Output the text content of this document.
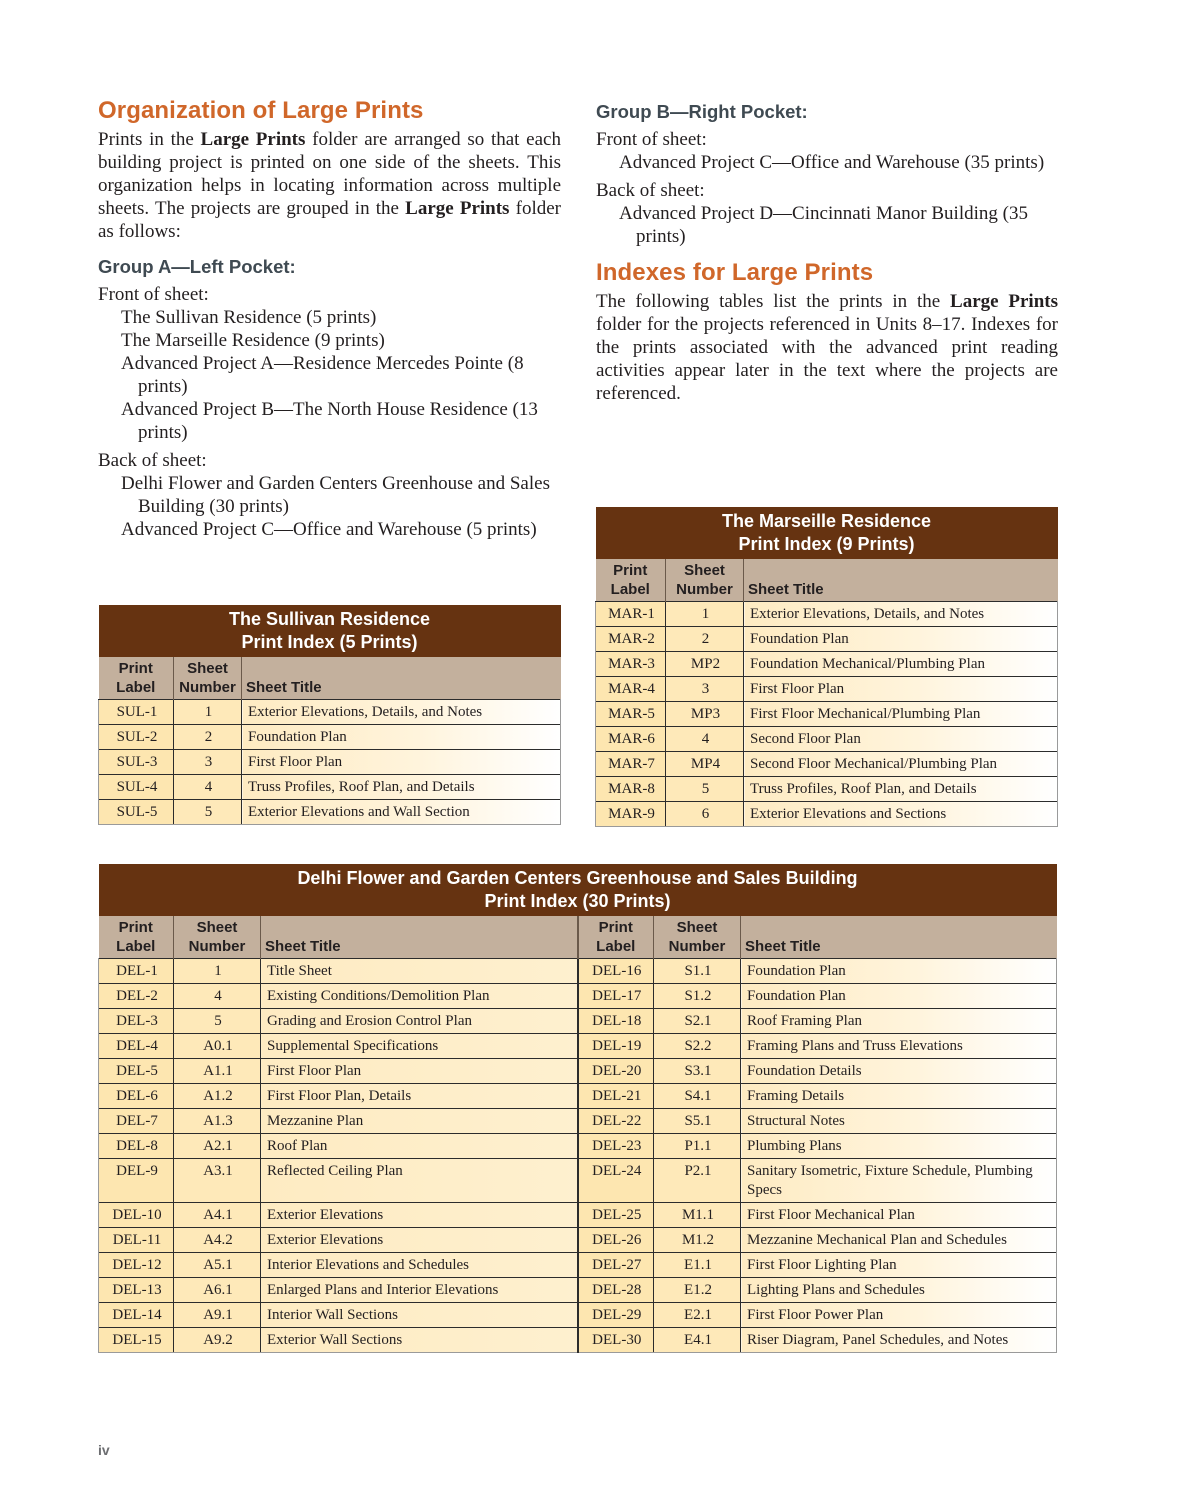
Organization of Large Prints

Prints in the Large Prints folder are arranged so that each building project is printed on one side of the sheets. This organization helps in locating information across multiple sheets. The projects are grouped in the Large Prints folder as follows:

Group A—Left Pocket:
Front of sheet:
The Sullivan Residence (5 prints)
The Marseille Residence (9 prints)
Advanced Project A—Residence Mercedes Pointe (8 prints)
Advanced Project B—The North House Residence (13 prints)
Back of sheet:
Delhi Flower and Garden Centers Greenhouse and Sales Building (30 prints)
Advanced Project C—Office and Warehouse (5 prints)
Group B—Right Pocket:
Front of sheet:
Advanced Project C—Office and Warehouse (35 prints)
Back of sheet:
Advanced Project D—Cincinnati Manor Building (35 prints)
Indexes for Large Prints

The following tables list the prints in the Large Prints folder for the projects referenced in Units 8–17. Indexes for the prints associated with the advanced print reading activities appear later in the text where the projects are referenced.

The Sullivan Residence
Print Index (5 Prints)		

Print
Label	Sheet
Number	Sheet Title
SUL-1	1	Exterior Elevations, Details, and Notes
SUL-2	2	Foundation Plan
SUL-3	3	First Floor Plan
SUL-4	4	Truss Profiles, Roof Plan, and Details
SUL-5	5	Exterior Elevations and Wall Section
The Marseille Residence
Print Index (9 Prints)		

Print
Label	Sheet
Number	Sheet Title
MAR-1	1	Exterior Elevations, Details, and Notes
MAR-2	2	Foundation Plan
MAR-3	MP2	Foundation Mechanical/Plumbing Plan
MAR-4	3	First Floor Plan
MAR-5	MP3	First Floor Mechanical/Plumbing Plan
MAR-6	4	Second Floor Plan
MAR-7	MP4	Second Floor Mechanical/Plumbing Plan
MAR-8	5	Truss Profiles, Roof Plan, and Details
MAR-9	6	Exterior Elevations and Sections
Delhi Flower and Garden Centers Greenhouse and Sales Building
Print Index (30 Prints)					

Print
Label	Sheet
Number	Sheet Title	Print
Label	Sheet
Number	Sheet Title
DEL-1	1	Title Sheet	DEL-16	S1.1	Foundation Plan
DEL-2	4	Existing Conditions/Demolition Plan	DEL-17	S1.2	Foundation Plan
DEL-3	5	Grading and Erosion Control Plan	DEL-18	S2.1	Roof Framing Plan
DEL-4	A0.1	Supplemental Specifications	DEL-19	S2.2	Framing Plans and Truss Elevations
DEL-5	A1.1	First Floor Plan	DEL-20	S3.1	Foundation Details
DEL-6	A1.2	First Floor Plan, Details	DEL-21	S4.1	Framing Details
DEL-7	A1.3	Mezzanine Plan	DEL-22	S5.1	Structural Notes
DEL-8	A2.1	Roof Plan	DEL-23	P1.1	Plumbing Plans
DEL-9	A3.1	Reflected Ceiling Plan	DEL-24	P2.1	Sanitary Isometric, Fixture Schedule, Plumbing Specs
DEL-10	A4.1	Exterior Elevations	DEL-25	M1.1	First Floor Mechanical Plan
DEL-11	A4.2	Exterior Elevations	DEL-26	M1.2	Mezzanine Mechanical Plan and Schedules
DEL-12	A5.1	Interior Elevations and Schedules	DEL-27	E1.1	First Floor Lighting Plan
DEL-13	A6.1	Enlarged Plans and Interior Elevations	DEL-28	E1.2	Lighting Plans and Schedules
DEL-14	A9.1	Interior Wall Sections	DEL-29	E2.1	First Floor Power Plan
DEL-15	A9.2	Exterior Wall Sections	DEL-30	E4.1	Riser Diagram, Panel Schedules, and Notes
iv
